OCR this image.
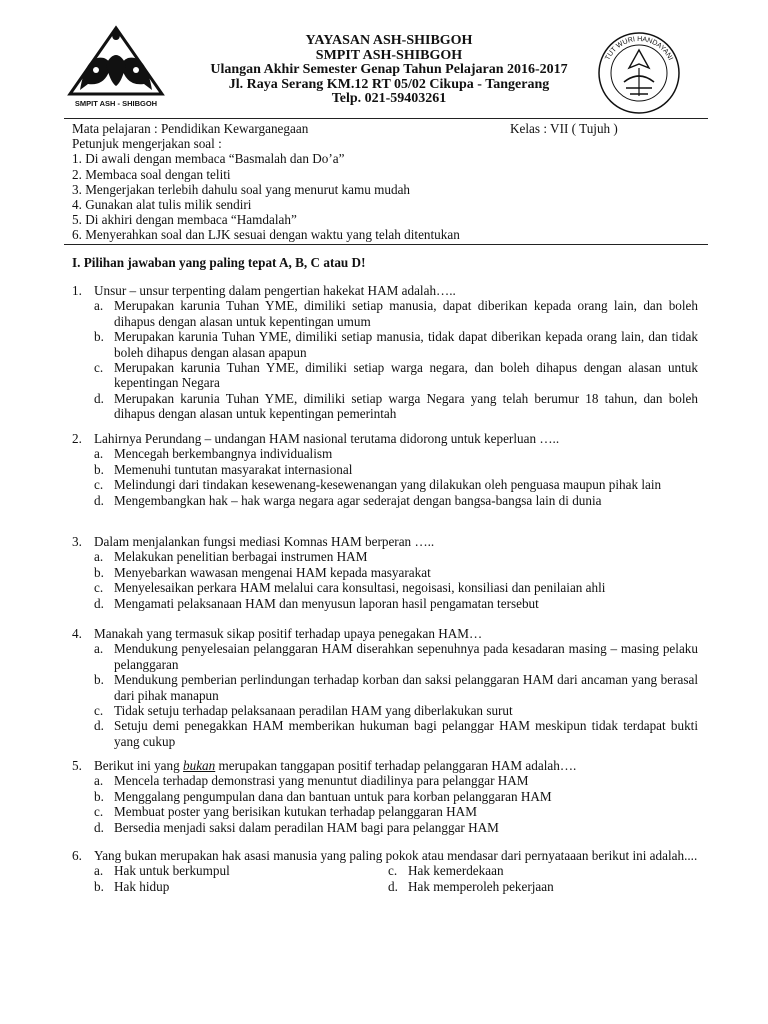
SMPIT ASH - SHIBGOH
YAYASAN ASH-SHIBGOH
SMPIT ASH-SHIBGOH
Ulangan Akhir Semester Genap Tahun Pelajaran 2016-2017
Jl. Raya Serang KM.12 RT 05/02 Cikupa - Tangerang
Telp. 021-59403261
TUT WURI HANDAYANI
Mata pelajaran : Pendidikan Kewarganegaan	Kelas : VII ( Tujuh )
Petunjuk mengerjakan soal :
1. Di awali dengan membaca “Basmalah dan Do’a”
2. Membaca soal dengan teliti
3. Mengerjakan terlebih dahulu soal yang menurut kamu mudah
4. Gunakan alat tulis milik sendiri
5. Di akhiri dengan membaca “Hamdalah”
6. Menyerahkan soal dan LJK sesuai dengan waktu yang telah ditentukan
I. Pilihan jawaban yang paling tepat A, B, C atau D!
1. Unsur – unsur terpenting dalam pengertian hakekat HAM adalah…..
a. Merupakan karunia Tuhan YME, dimiliki setiap manusia, dapat diberikan kepada orang lain, dan boleh dihapus dengan alasan untuk kepentingan umum
b. Merupakan karunia Tuhan YME, dimiliki setiap manusia, tidak dapat diberikan kepada orang lain, dan tidak boleh dihapus dengan alasan apapun
c. Merupakan karunia Tuhan YME, dimiliki setiap warga negara, dan boleh dihapus dengan alasan untuk kepentingan Negara
d. Merupakan karunia Tuhan YME, dimiliki setiap warga Negara yang telah berumur 18 tahun, dan boleh dihapus dengan alasan untuk kepentingan pemerintah
2. Lahirnya Perundang – undangan HAM nasional terutama didorong untuk keperluan …..
a. Mencegah berkembangnya individualism
b. Memenuhi tuntutan masyarakat internasional
c. Melindungi dari tindakan kesewenang-kesewenangan yang dilakukan oleh penguasa maupun pihak lain
d. Mengembangkan hak – hak warga negara agar sederajat dengan bangsa-bangsa lain di dunia
3. Dalam menjalankan fungsi mediasi Komnas HAM berperan …..
a. Melakukan penelitian berbagai instrumen HAM
b. Menyebarkan wawasan mengenai HAM kepada masyarakat
c. Menyelesaikan perkara HAM melalui cara konsultasi, negoisasi, konsiliasi dan penilaian ahli
d. Mengamati pelaksanaan HAM dan menyusun laporan hasil pengamatan tersebut
4. Manakah yang termasuk sikap positif terhadap upaya penegakan HAM…
a. Mendukung penyelesaian pelanggaran HAM diserahkan sepenuhnya pada kesadaran masing – masing pelaku pelanggaran
b. Mendukung pemberian perlindungan terhadap korban dan saksi pelanggaran HAM dari ancaman yang berasal dari pihak manapun
c. Tidak setuju terhadap pelaksanaan peradilan HAM yang diberlakukan surut
d. Setuju demi penegakkan HAM memberikan hukuman bagi pelanggar HAM meskipun tidak terdapat bukti yang cukup
5. Berikut ini yang bukan merupakan tanggapan positif terhadap pelanggaran HAM adalah….
a. Mencela terhadap demonstrasi yang menuntut diadilinya para pelanggar HAM
b. Menggalang pengumpulan dana dan bantuan untuk para korban pelanggaran HAM
c. Membuat poster yang berisikan kutukan terhadap pelanggaran HAM
d. Bersedia menjadi saksi dalam peradilan HAM bagi para pelanggar HAM
6. Yang bukan merupakan hak asasi manusia yang paling pokok atau mendasar dari pernyataaan berikut ini adalah....
a. Hak untuk berkumpul	c. Hak kemerdekaan
b. Hak hidup	d. Hak memperoleh pekerjaan
